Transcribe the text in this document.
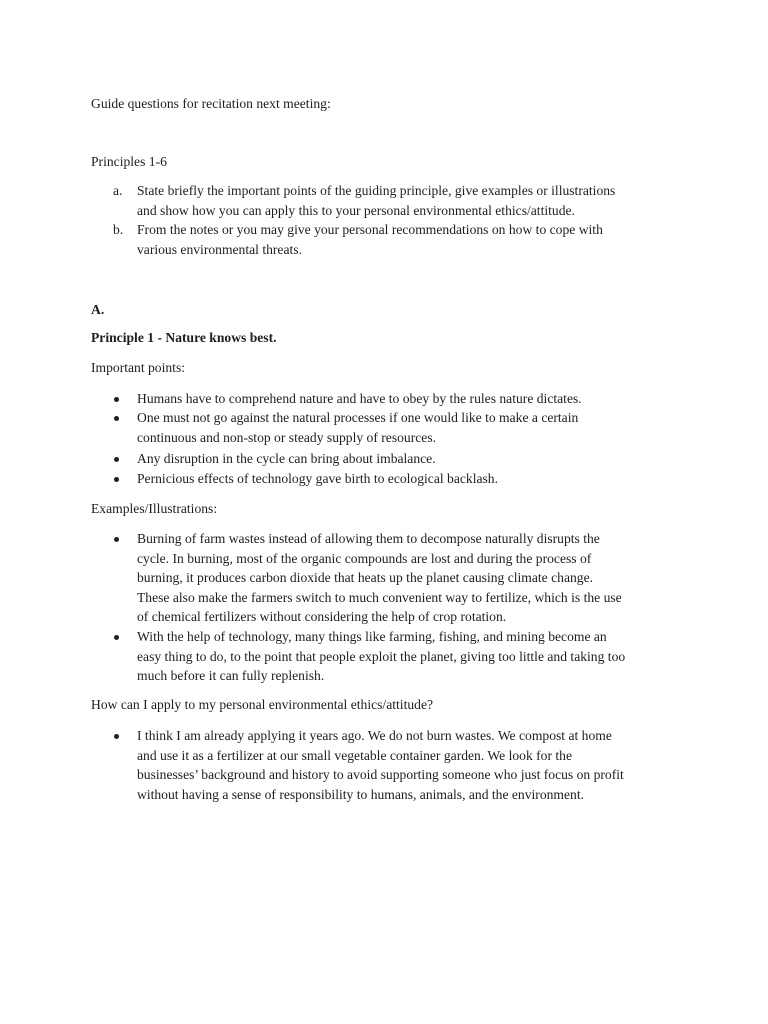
Guide questions for recitation next meeting:
Principles 1-6
a. State briefly the important points of the guiding principle, give examples or illustrations
and show how you can apply this to your personal environmental ethics/attitude.
b. From the notes or you may give your personal recommendations on how to cope with
various environmental threats.
A.
Principle 1 - Nature knows best.
Important points:
Humans have to comprehend nature and have to obey by the rules nature dictates.
One must not go against the natural processes if one would like to make a certain
continuous and non-stop or steady supply of resources.
Any disruption in the cycle can bring about imbalance.
Pernicious effects of technology gave birth to ecological backlash.
Examples/Illustrations:
Burning of farm wastes instead of allowing them to decompose naturally disrupts the
cycle. In burning, most of the organic compounds are lost and during the process of
burning, it produces carbon dioxide that heats up the planet causing climate change.
These also make the farmers switch to much convenient way to fertilize, which is the use
of chemical fertilizers without considering the help of crop rotation.
With the help of technology, many things like farming, fishing, and mining become an
easy thing to do, to the point that people exploit the planet, giving too little and taking too
much before it can fully replenish.
How can I apply to my personal environmental ethics/attitude?
I think I am already applying it years ago. We do not burn wastes. We compost at home
and use it as a fertilizer at our small vegetable container garden. We look for the
businesses’ background and history to avoid supporting someone who just focus on profit
without having a sense of responsibility to humans, animals, and the environment.
